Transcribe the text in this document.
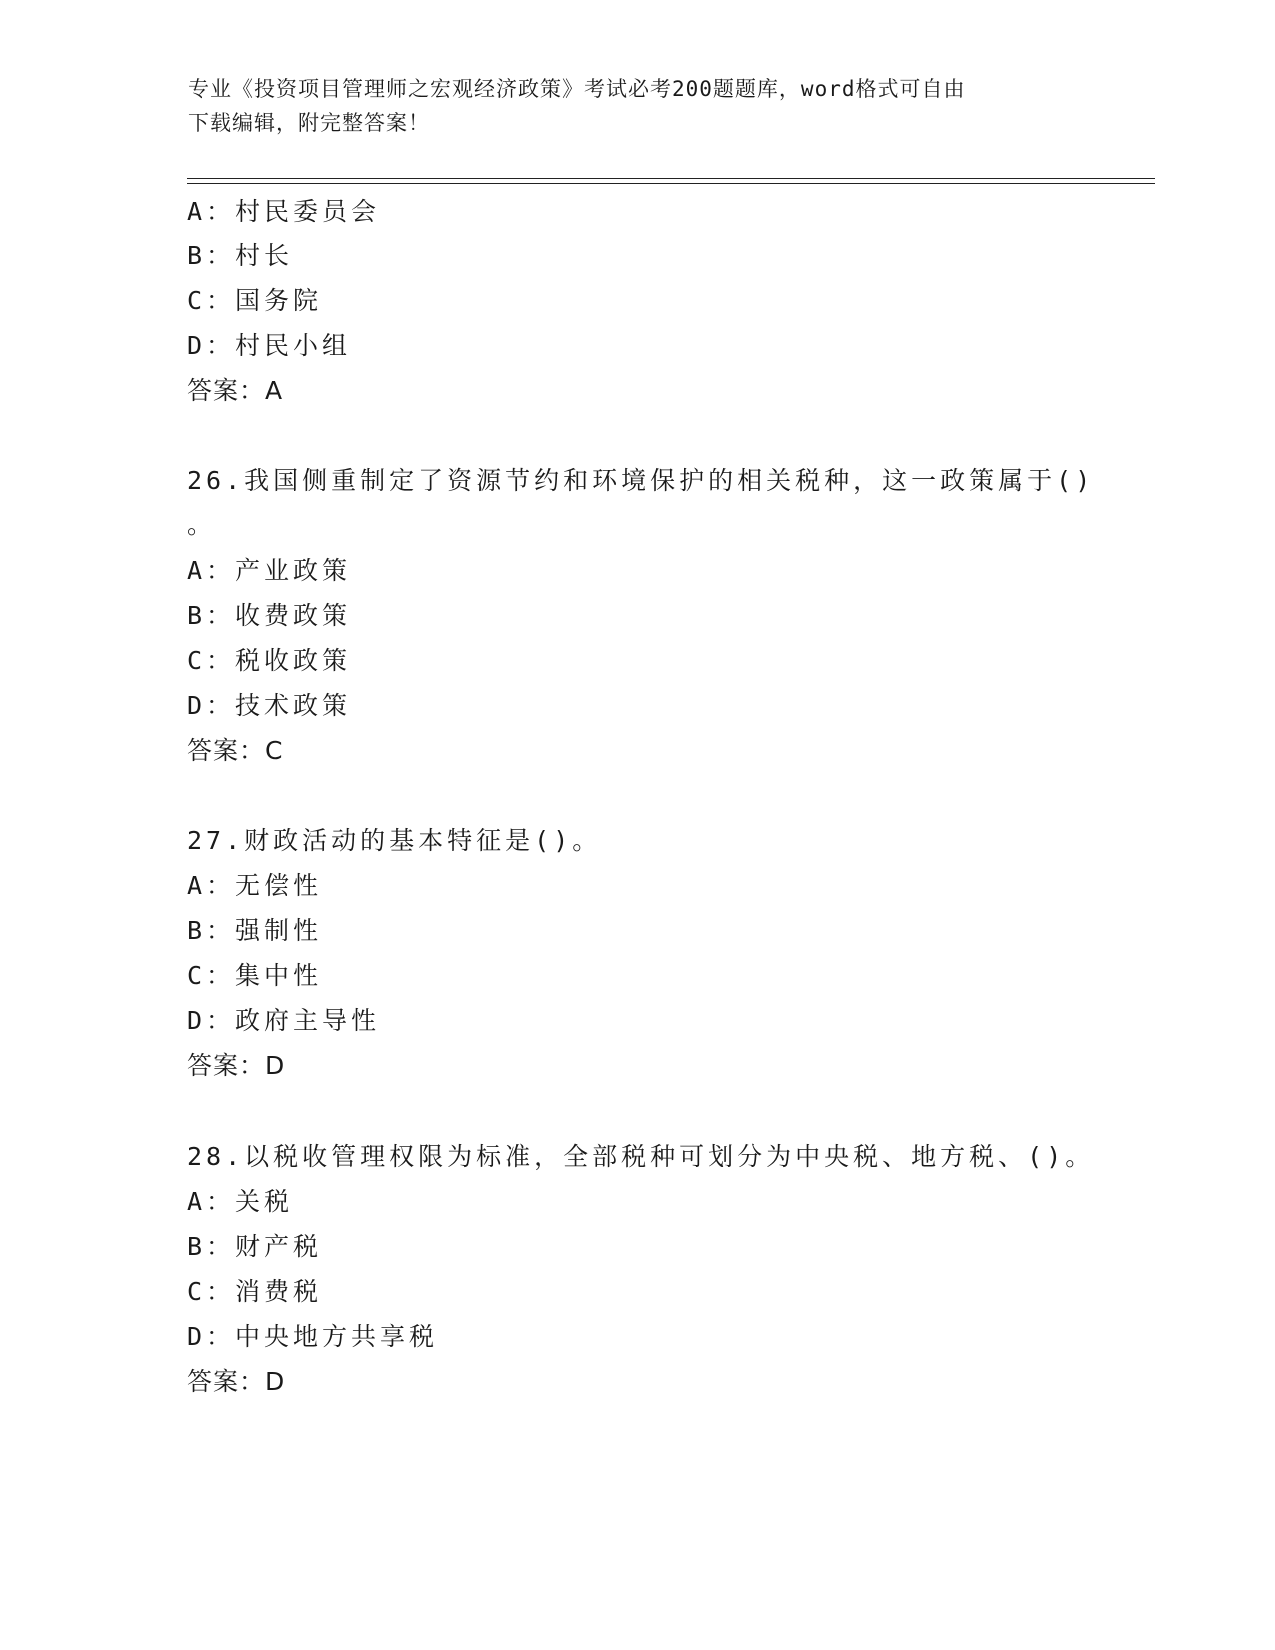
专业《投资项目管理师之宏观经济政策》考试必考200题题库，word格式可自由
下载编辑，附完整答案！
A：村民委员会
B：村长
C：国务院
D：村民小组
答案：A
26.我国侧重制定了资源节约和环境保护的相关税种，这一政策属于()
。
A：产业政策
B：收费政策
C：税收政策
D：技术政策
答案：C
27.财政活动的基本特征是()。
A：无偿性
B：强制性
C：集中性
D：政府主导性
答案：D
28.以税收管理权限为标准，全部税种可划分为中央税、地方税、()。
A：关税
B：财产税
C：消费税
D：中央地方共享税
答案：D
